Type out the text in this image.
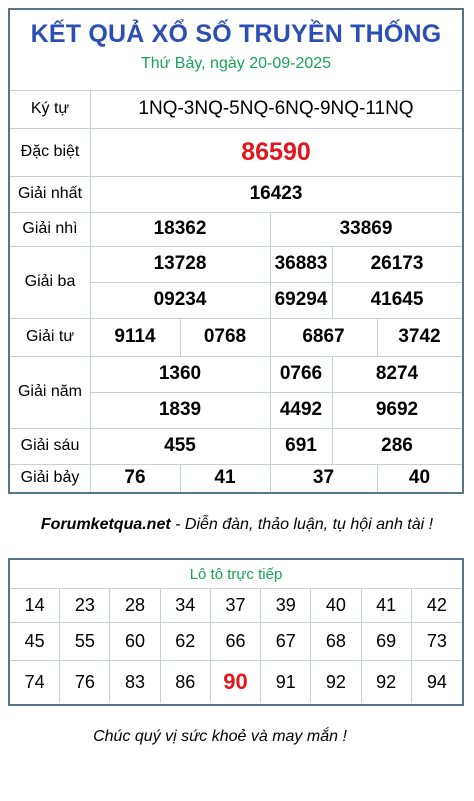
KẾT QUẢ XỔ SỐ TRUYỀN THỐNG
Thứ Bảy, ngày 20-09-2025
Ký tự	1NQ-3NQ-5NQ-6NQ-9NQ-11NQ
Đặc biệt	86590
Giải nhất	16423
Giải nhì	18362	33869
Giải ba
13728	36883	26173
09234	69294	41645
Giải tư	9114	0768	6867	3742
Giải năm
1360	0766	8274
1839	4492	9692
Giải sáu	455	691	286
Giải bảy	76	41	37	40
Forumketqua.net - Diễn đàn, thảo luận, tụ hội anh tài !
Lô tô trực tiếp
14	23	28	34	37	39	40	41	42
45	55	60	62	66	67	68	69	73
74	76	83	86	90	91	92	92	94
Chúc quý vị sức khoẻ và may mắn !
